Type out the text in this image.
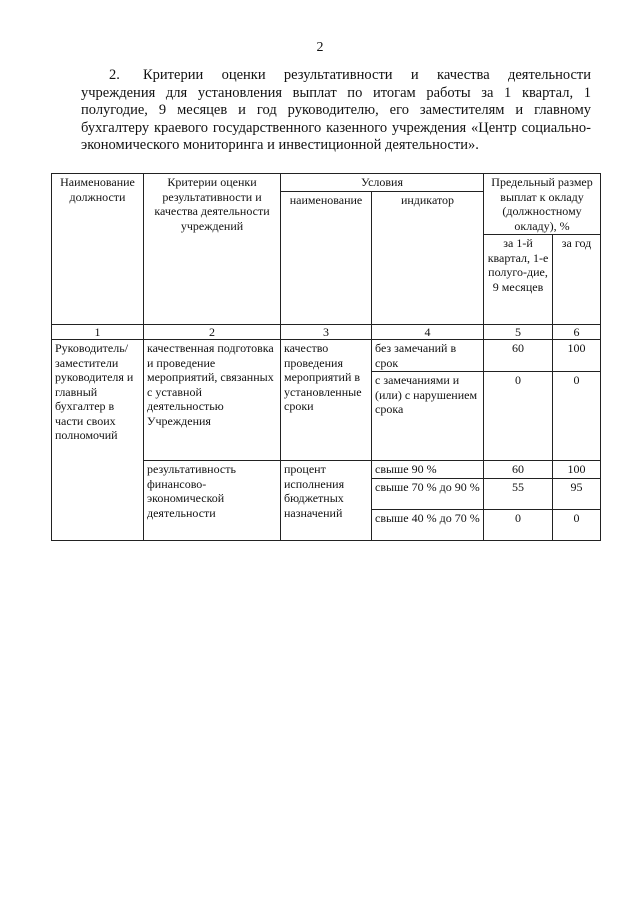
2
2. Критерии оценки результативности и качества деятельности учреждения для установления выплат по итогам работы за 1 квартал, 1 полугодие, 9 месяцев и год руководителю, его заместителям и главному бухгалтеру краевого государственного казенного учреждения «Центр социально-экономического мониторинга и инвестиционной деятельности».
Наименование должности	Критерии оценки результативности и качества деятельности учреждений	Условия		Предельный размер выплат к окладу (должностному окладу), %	
		наименование	индикатор		
				за 1-й квартал, 1-е полуго-дие, 9 месяцев	за год
1	2	3	4	5	6
Руководитель/ заместители руководителя и главный бухгалтер в части своих полномочий	качественная подготовка и проведение мероприятий, связанных с уставной деятельностью Учреждения	качество проведения мероприятий в установленные сроки	без замечаний в срок	60	100
			с замечаниями и (или) с нарушением срока	0	0
	результативность финансово-экономической деятельности	процент исполнения бюджетных назначений	свыше 90 %	60	100
			свыше 70 % до 90 %	55	95
			свыше 40 % до 70 %	0	0
